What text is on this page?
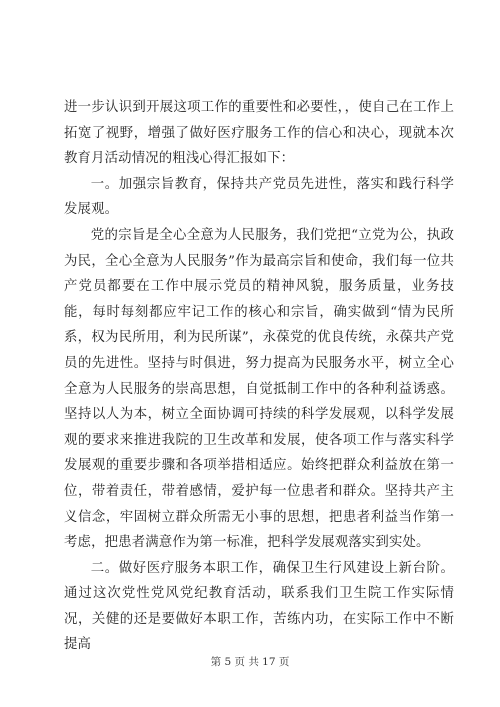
进一步认识到开展这项工作的重要性和必要性，，使自己在工作上拓宽了视野，增强了做好医疗服务工作的信心和决心，现就本次教育月活动情况的粗浅心得汇报如下：

一。加强宗旨教育，保持共产党员先进性，落实和践行科学发展观。

党的宗旨是全心全意为人民服务，我们党把“立党为公，执政为民，全心全意为人民服务”作为最高宗旨和使命，我们每一位共产党员都要在工作中展示党员的精神风貌，服务质量，业务技能，每时每刻都应牢记工作的核心和宗旨，确实做到“情为民所系，权为民所用，利为民所谋”，永葆党的优良传统，永葆共产党员的先进性。坚持与时俱进，努力提高为民服务水平，树立全心全意为人民服务的崇高思想，自觉抵制工作中的各种利益诱惑。坚持以人为本，树立全面协调可持续的科学发展观，以科学发展观的要求来推进我院的卫生改革和发展，使各项工作与落实科学发展观的重要步骤和各项举措相适应。始终把群众利益放在第一位，带着责任，带着感情，爱护每一位患者和群众。坚持共产主义信念，牢固树立群众所需无小事的思想，把患者利益当作第一考虑，把患者满意作为第一标准，把科学发展观落实到实处。

二。做好医疗服务本职工作，确保卫生行风建设上新台阶。通过这次党性党风党纪教育活动，联系我们卫生院工作实际情况，关健的还是要做好本职工作，苦练内功，在实际工作中不断提高

第 5 页 共 17 页
